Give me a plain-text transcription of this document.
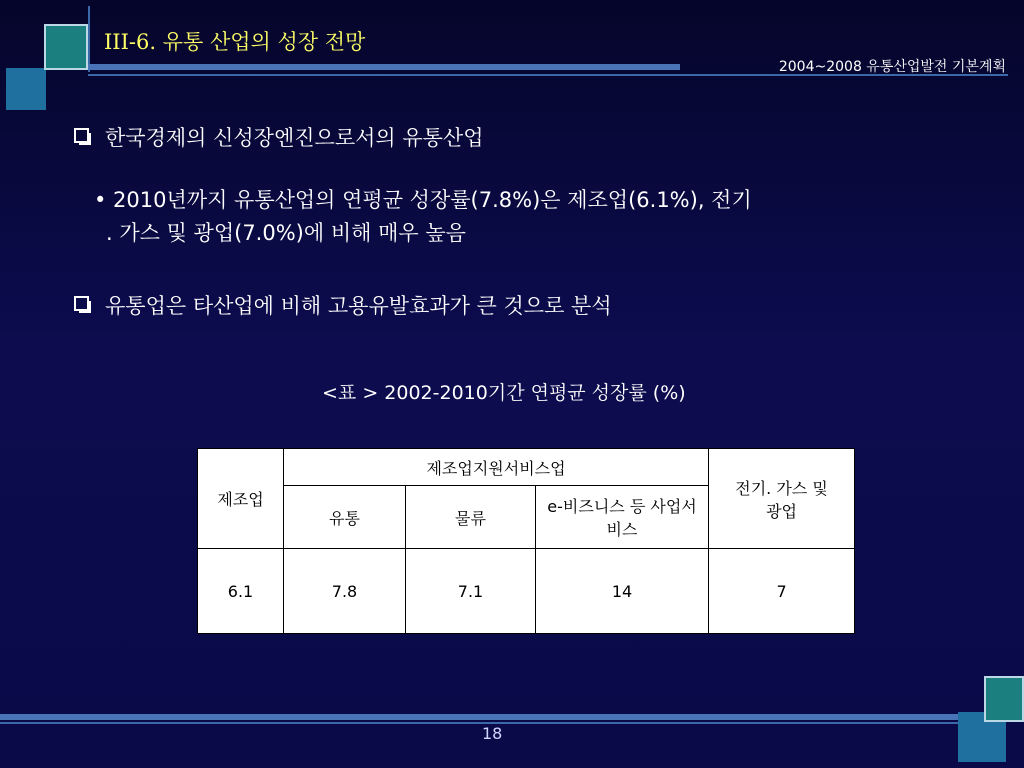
III-6. 유통 산업의 성장 전망
2004~2008 유통산업발전 기본계획
한국경제의 신성장엔진으로서의 유통산업
• 2010년까지 유통산업의 연평균 성장률(7.8%)은 제조업(6.1%), 전기
. 가스 및 광업(7.0%)에 비해 매우 높음
유통업은 타산업에 비해 고용유발효과가 큰 것으로 분석
<표 > 2002-2010기간 연평균 성장률 (%)
제조업	제조업지원서비스업			전기. 가스 및 광업
	유통	물류	e-비즈니스 등 사업서비스	
6.1	7.8	7.1	14	7
18
